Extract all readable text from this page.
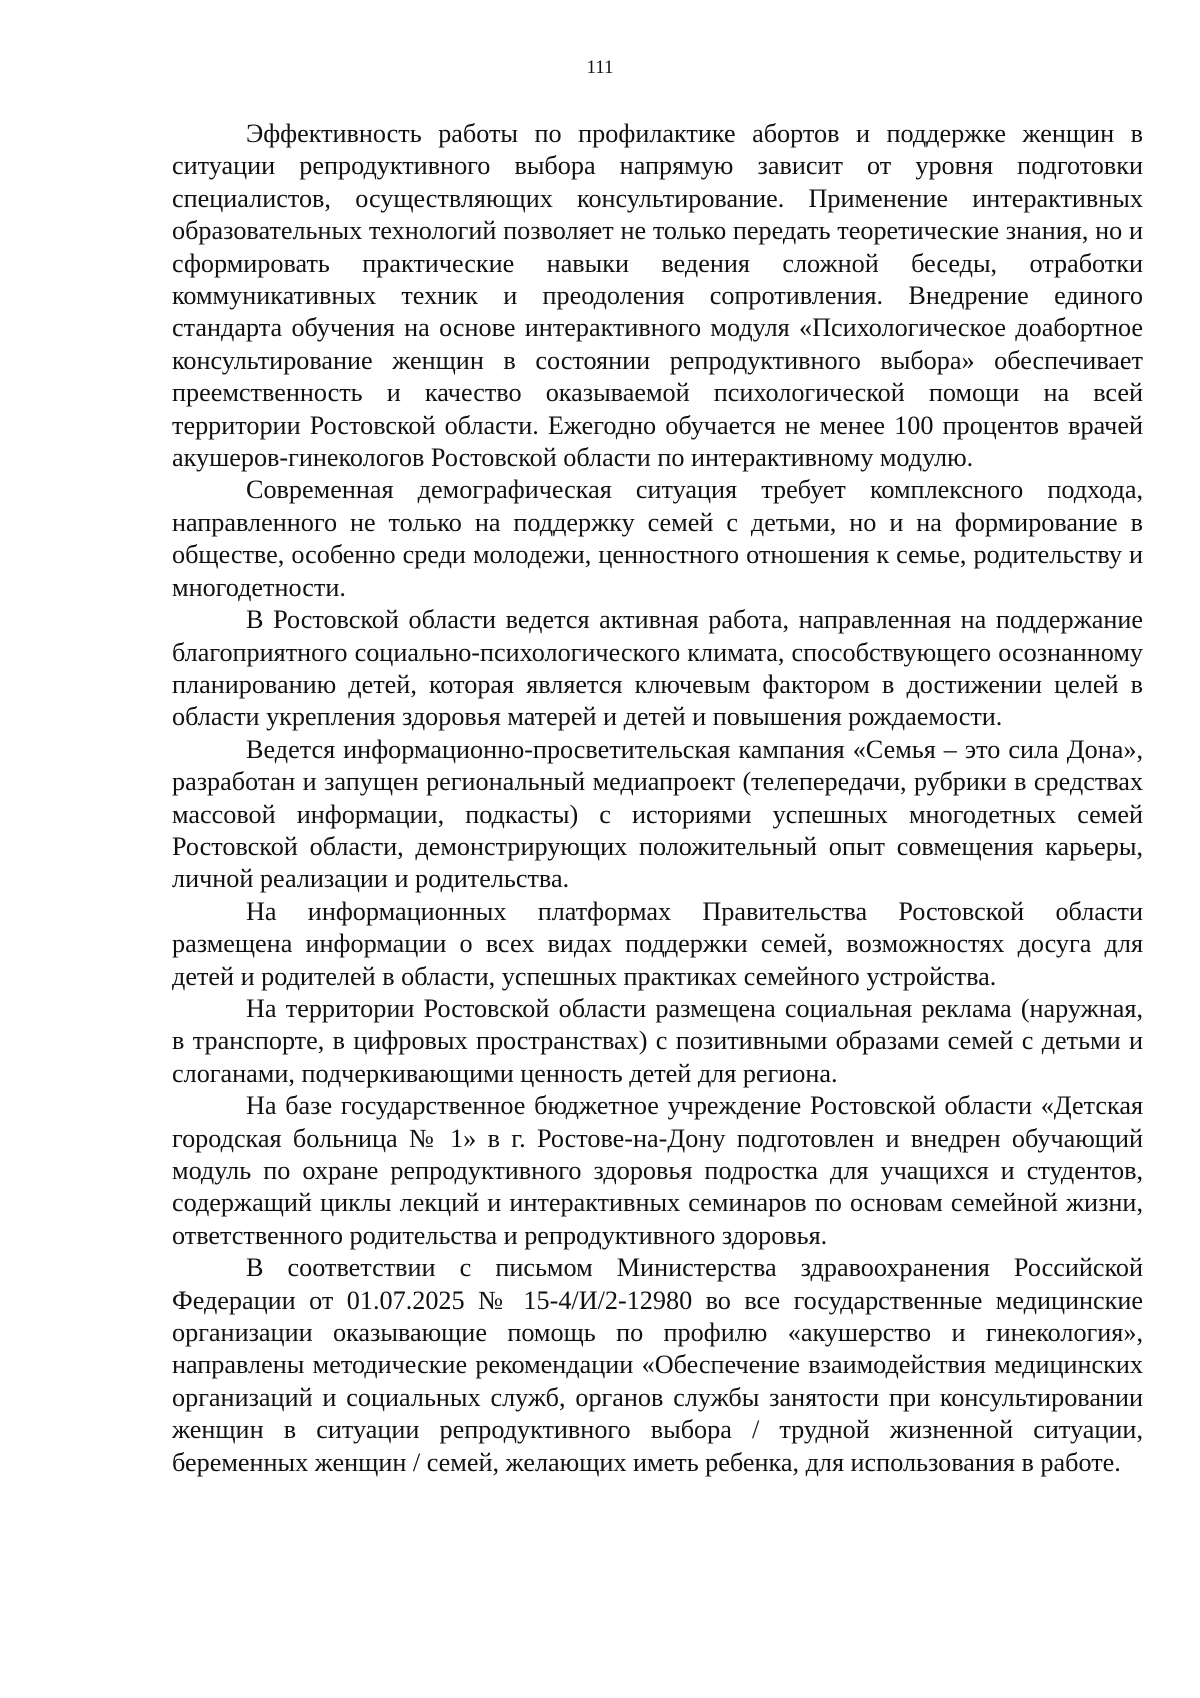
111

Эффективность работы по профилактике абортов и поддержке женщин в ситуации репродуктивного выбора напрямую зависит от уровня подготовки специалистов, осуществляющих консультирование. Применение интерактивных образовательных технологий позволяет не только передать теоретические знания, но и сформировать практические навыки ведения сложной беседы, отработки коммуникативных техник и преодоления сопротивления. Внедрение единого стандарта обучения на основе интерактивного модуля «Психологическое доабортное консультирование женщин в состоянии репродуктивного выбора» обеспечивает преемственность и качество оказываемой психологической помощи на всей территории Ростовской области. Ежегодно обучается не менее 100 процентов врачей акушеров-гинекологов Ростовской области по интерактивному модулю.

Современная демографическая ситуация требует комплексного подхода, направленного не только на поддержку семей с детьми, но и на формирование в обществе, особенно среди молодежи, ценностного отношения к семье, родительству и многодетности.

В Ростовской области ведется активная работа, направленная на поддержание благоприятного социально-психологического климата, способствующего осознанному планированию детей, которая является ключевым фактором в достижении целей в области укрепления здоровья матерей и детей и повышения рождаемости.

Ведется информационно-просветительская кампания «Семья – это сила Дона», разработан и запущен региональный медиапроект (телепередачи, рубрики в средствах массовой информации, подкасты) с историями успешных многодетных семей Ростовской области, демонстрирующих положительный опыт совмещения карьеры, личной реализации и родительства.

На информационных платформах Правительства Ростовской области размещена информации о всех видах поддержки семей, возможностях досуга для детей и родителей в области, успешных практиках семейного устройства.

На территории Ростовской области размещена социальная реклама (наружная, в транспорте, в цифровых пространствах) с позитивными образами семей с детьми и слоганами, подчеркивающими ценность детей для региона.

На базе государственное бюджетное учреждение Ростовской области «Детская городская больница № 1» в г. Ростове-на-Дону подготовлен и внедрен обучающий модуль по охране репродуктивного здоровья подростка для учащихся и студентов, содержащий циклы лекций и интерактивных семинаров по основам семейной жизни, ответственного родительства и репродуктивного здоровья.

В соответствии с письмом Министерства здравоохранения Российской Федерации от 01.07.2025 № 15-4/И/2-12980 во все государственные медицинские организации оказывающие помощь по профилю «акушерство и гинекология», направлены методические рекомендации «Обеспечение взаимодействия медицинских организаций и социальных служб, органов службы занятости при консультировании женщин в ситуации репродуктивного выбора / трудной жизненной ситуации, беременных женщин / семей, желающих иметь ребенка, для использования в работе.
